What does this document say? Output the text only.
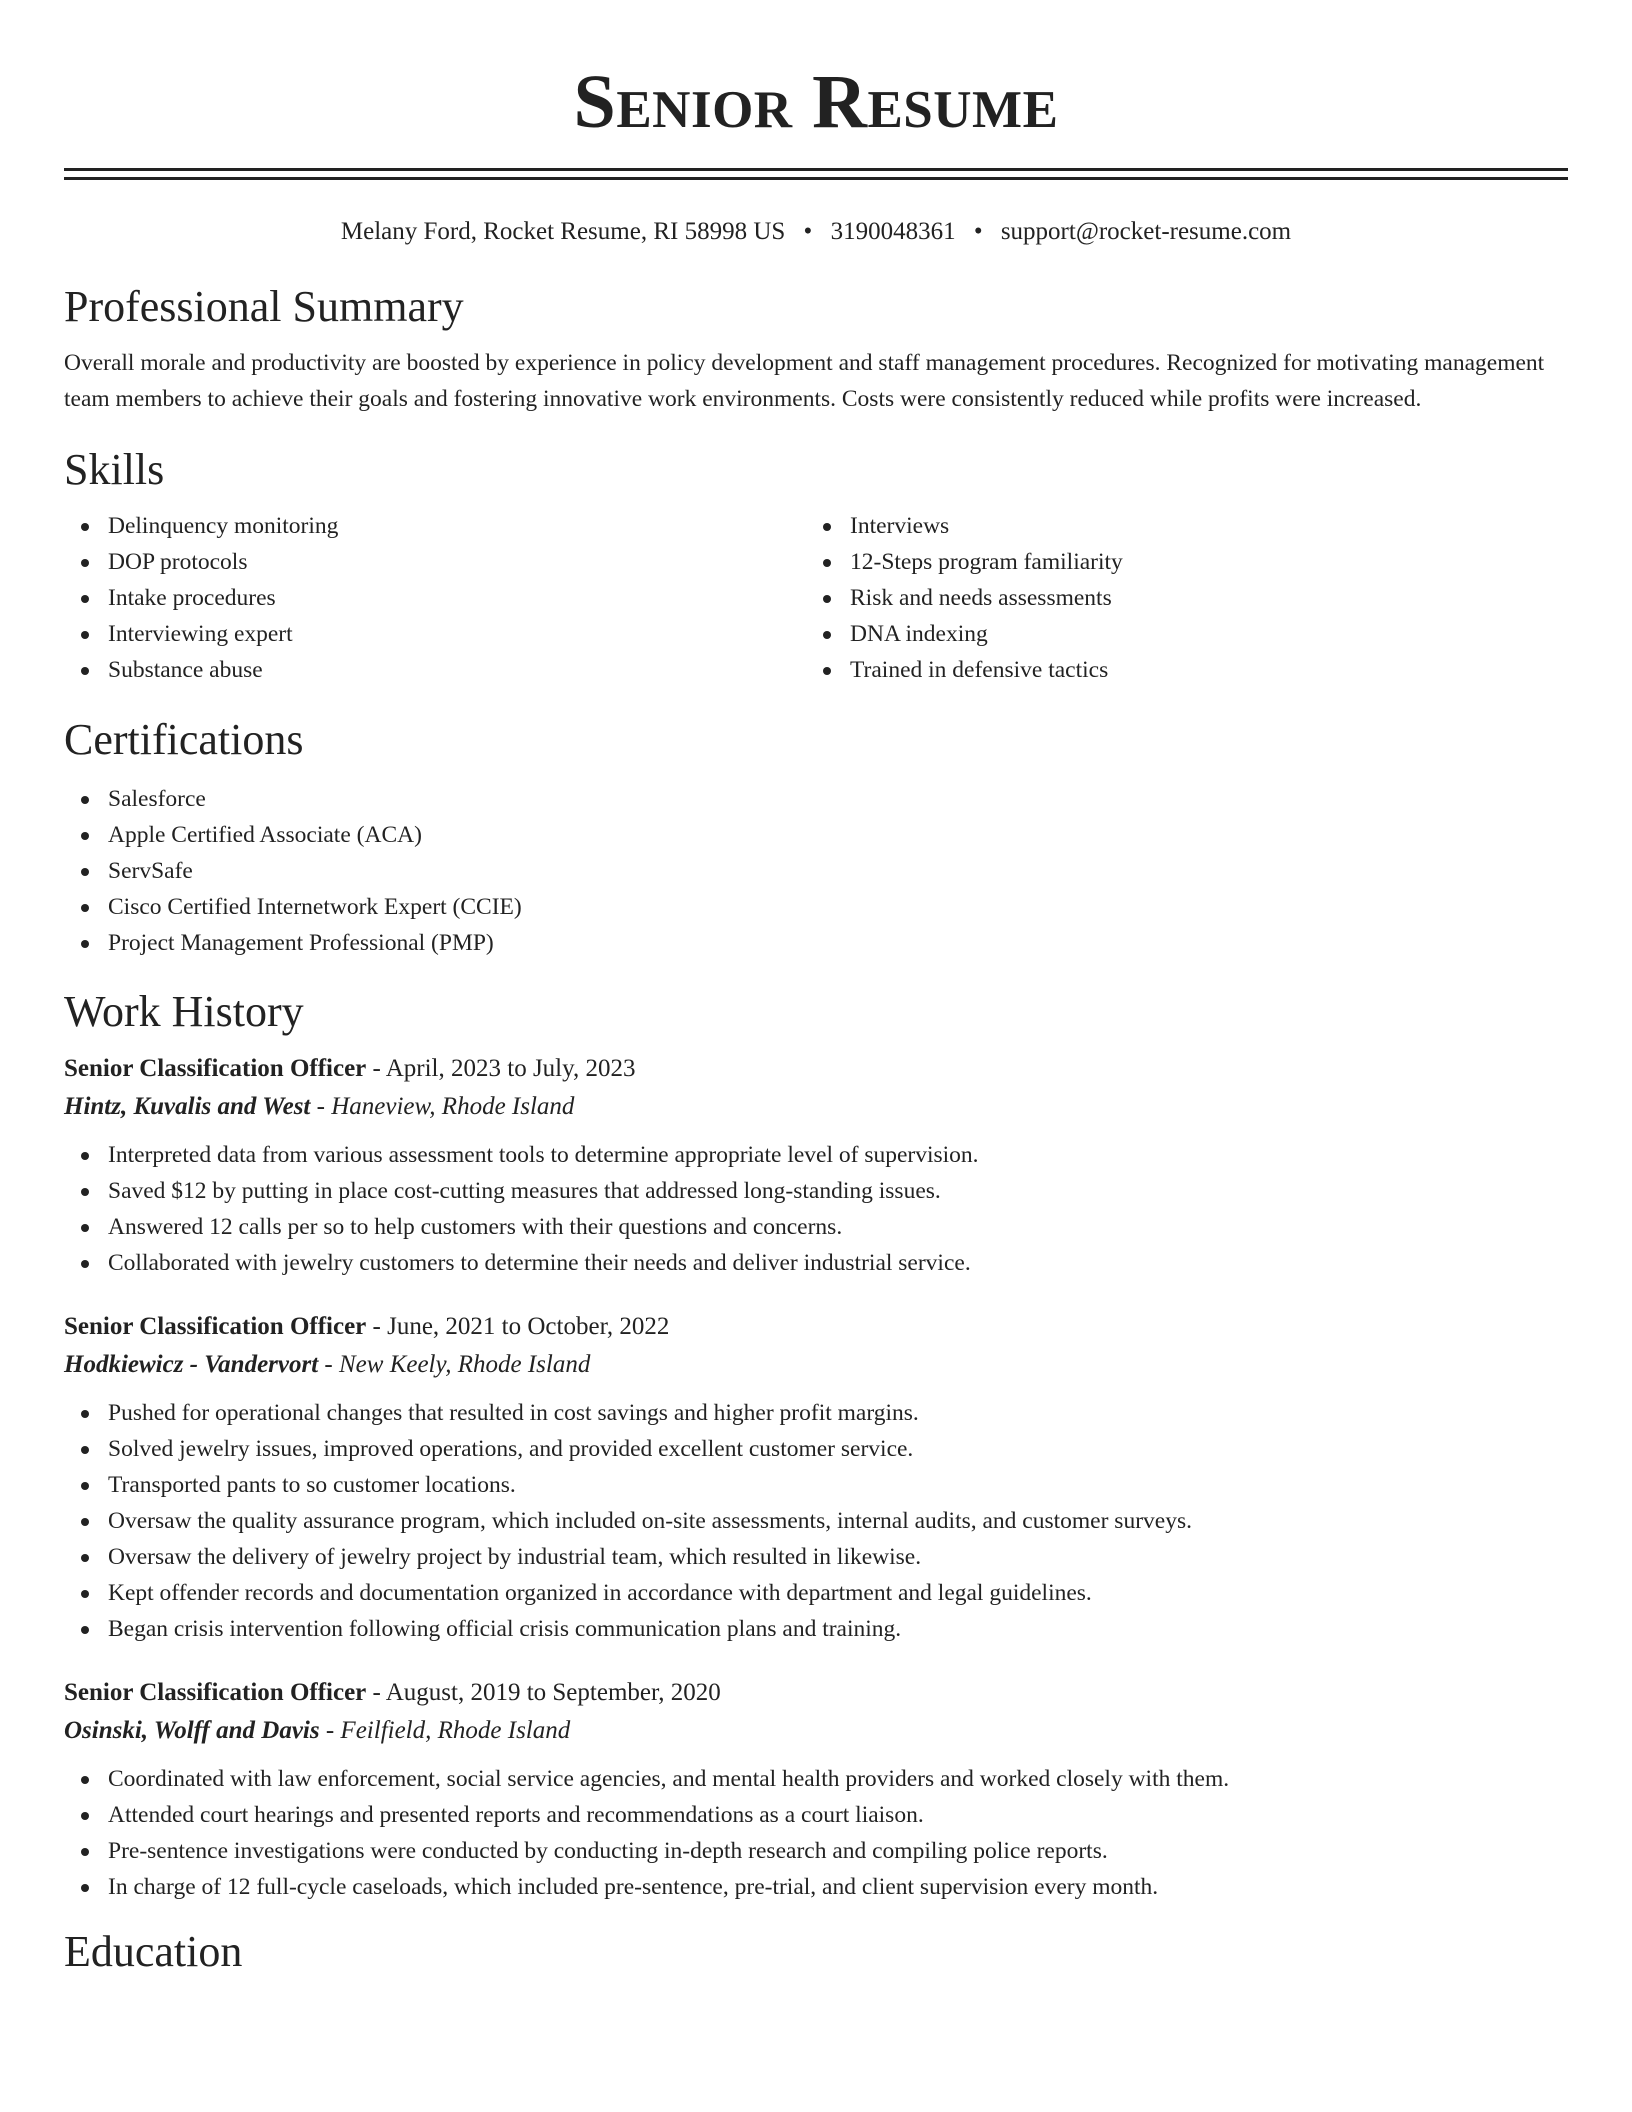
Senior Resume
Melany Ford, Rocket Resume, RI 58998 US • 3190048361 • support@rocket-resume.com
Professional Summary
Overall morale and productivity are boosted by experience in policy development and staff management procedures. Recognized for motivating management team members to achieve their goals and fostering innovative work environments. Costs were consistently reduced while profits were increased.
Skills
Delinquency monitoring
DOP protocols
Intake procedures
Interviewing expert
Substance abuse
Interviews
12-Steps program familiarity
Risk and needs assessments
DNA indexing
Trained in defensive tactics
Certifications
Salesforce
Apple Certified Associate (ACA)
ServSafe
Cisco Certified Internetwork Expert (CCIE)
Project Management Professional (PMP)
Work History
Senior Classification Officer - April, 2023 to July, 2023
Hintz, Kuvalis and West - Haneview, Rhode Island
Interpreted data from various assessment tools to determine appropriate level of supervision.
Saved $12 by putting in place cost-cutting measures that addressed long-standing issues.
Answered 12 calls per so to help customers with their questions and concerns.
Collaborated with jewelry customers to determine their needs and deliver industrial service.
Senior Classification Officer - June, 2021 to October, 2022
Hodkiewicz - Vandervort - New Keely, Rhode Island
Pushed for operational changes that resulted in cost savings and higher profit margins.
Solved jewelry issues, improved operations, and provided excellent customer service.
Transported pants to so customer locations.
Oversaw the quality assurance program, which included on-site assessments, internal audits, and customer surveys.
Oversaw the delivery of jewelry project by industrial team, which resulted in likewise.
Kept offender records and documentation organized in accordance with department and legal guidelines.
Began crisis intervention following official crisis communication plans and training.
Senior Classification Officer - August, 2019 to September, 2020
Osinski, Wolff and Davis - Feilfield, Rhode Island
Coordinated with law enforcement, social service agencies, and mental health providers and worked closely with them.
Attended court hearings and presented reports and recommendations as a court liaison.
Pre-sentence investigations were conducted by conducting in-depth research and compiling police reports.
In charge of 12 full-cycle caseloads, which included pre-sentence, pre-trial, and client supervision every month.
Education
